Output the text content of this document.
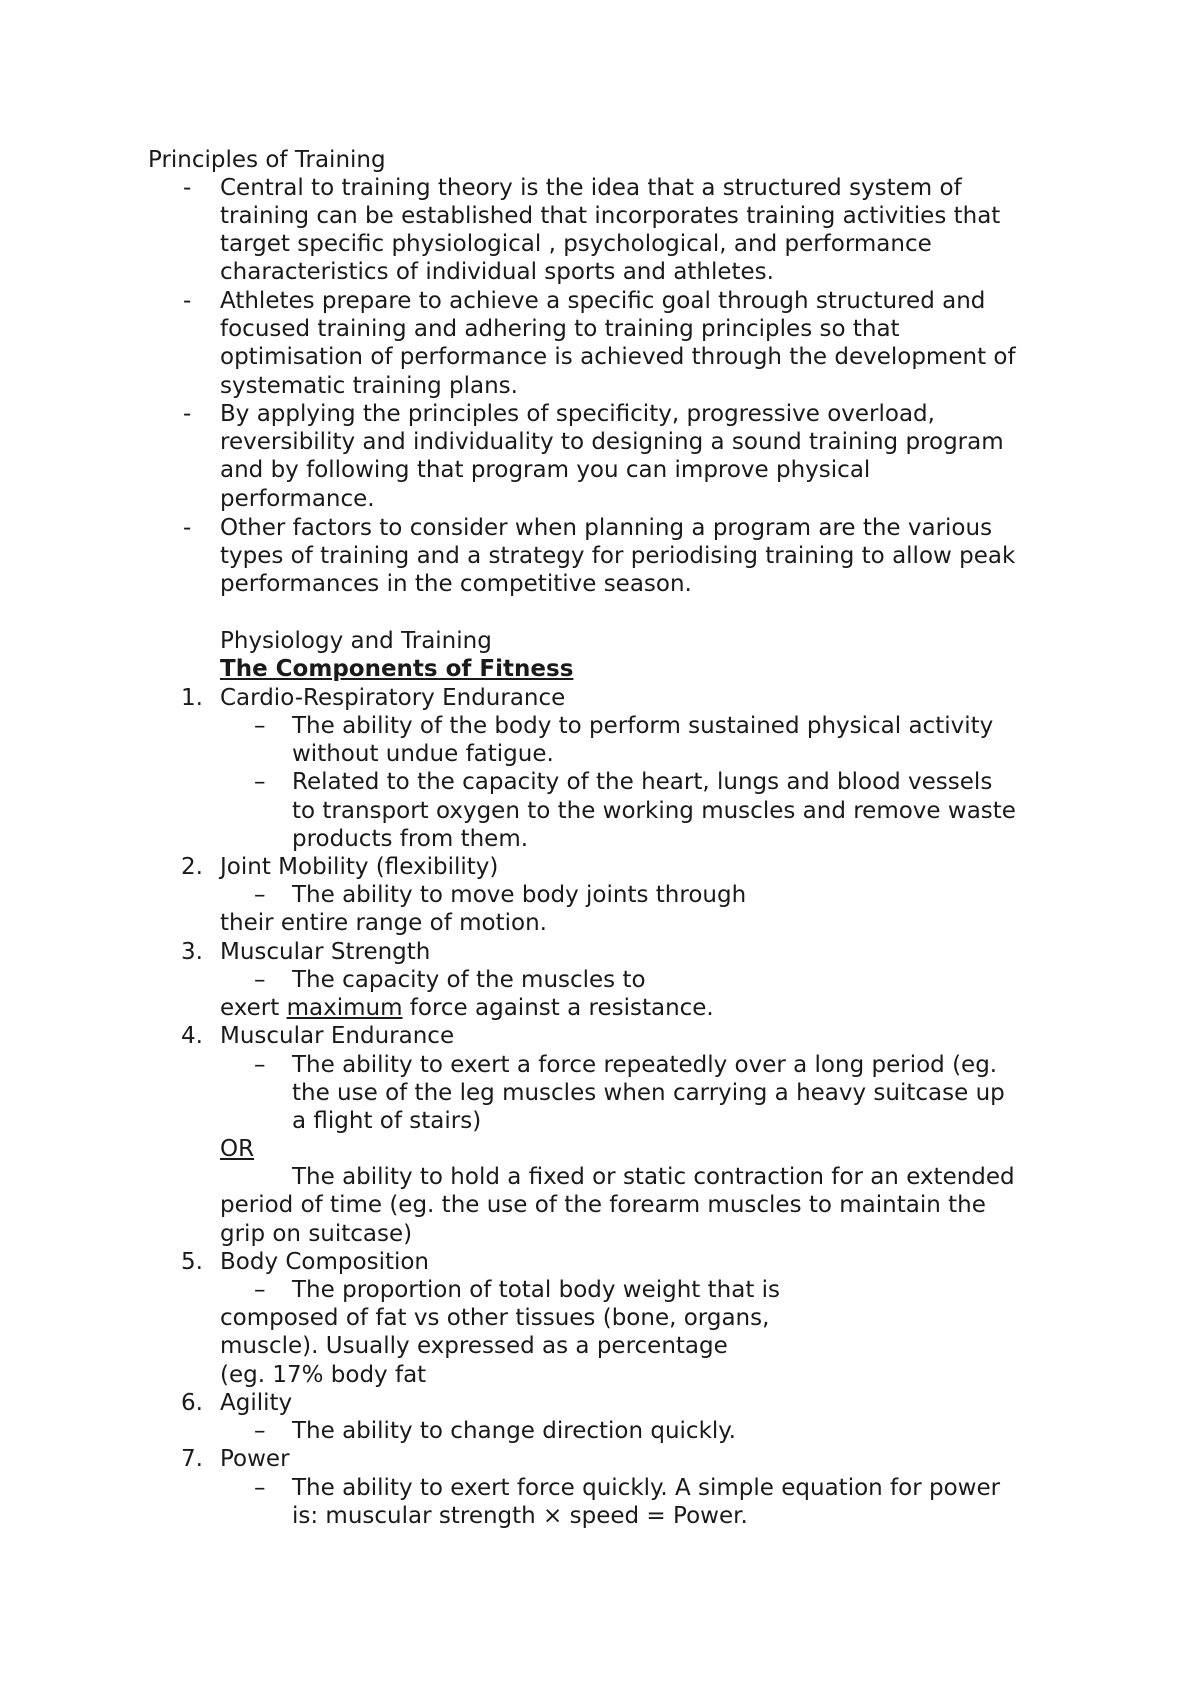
Principles of Training
- Central to training theory is the idea that a structured system of
training can be established that incorporates training activities that
target specific physiological , psychological, and performance
characteristics of individual sports and athletes.
- Athletes prepare to achieve a specific goal through structured and
focused training and adhering to training principles so that
optimisation of performance is achieved through the development of
systematic training plans.
- By applying the principles of specificity, progressive overload,
reversibility and individuality to designing a sound training program
and by following that program you can improve physical
performance.
- Other factors to consider when planning a program are the various
types of training and a strategy for periodising training to allow peak
performances in the competitive season.
Physiology and Training
The Components of Fitness
1. Cardio-Respiratory Endurance
– The ability of the body to perform sustained physical activity
without undue fatigue.
– Related to the capacity of the heart, lungs and blood vessels
to transport oxygen to the working muscles and remove waste
products from them.
2. Joint Mobility (flexibility)
– The ability to move body joints through
their entire range of motion.
3. Muscular Strength
– The capacity of the muscles to
exert maximum force against a resistance.
4. Muscular Endurance
– The ability to exert a force repeatedly over a long period (eg.
the use of the leg muscles when carrying a heavy suitcase up
a flight of stairs)
OR
The ability to hold a fixed or static contraction for an extended
period of time (eg. the use of the forearm muscles to maintain the
grip on suitcase)
5. Body Composition
– The proportion of total body weight that is
composed of fat vs other tissues (bone, organs,
muscle). Usually expressed as a percentage
(eg. 17% body fat
6. Agility
– The ability to change direction quickly.
7. Power
– The ability to exert force quickly. A simple equation for power
is: muscular strength × speed = Power.
